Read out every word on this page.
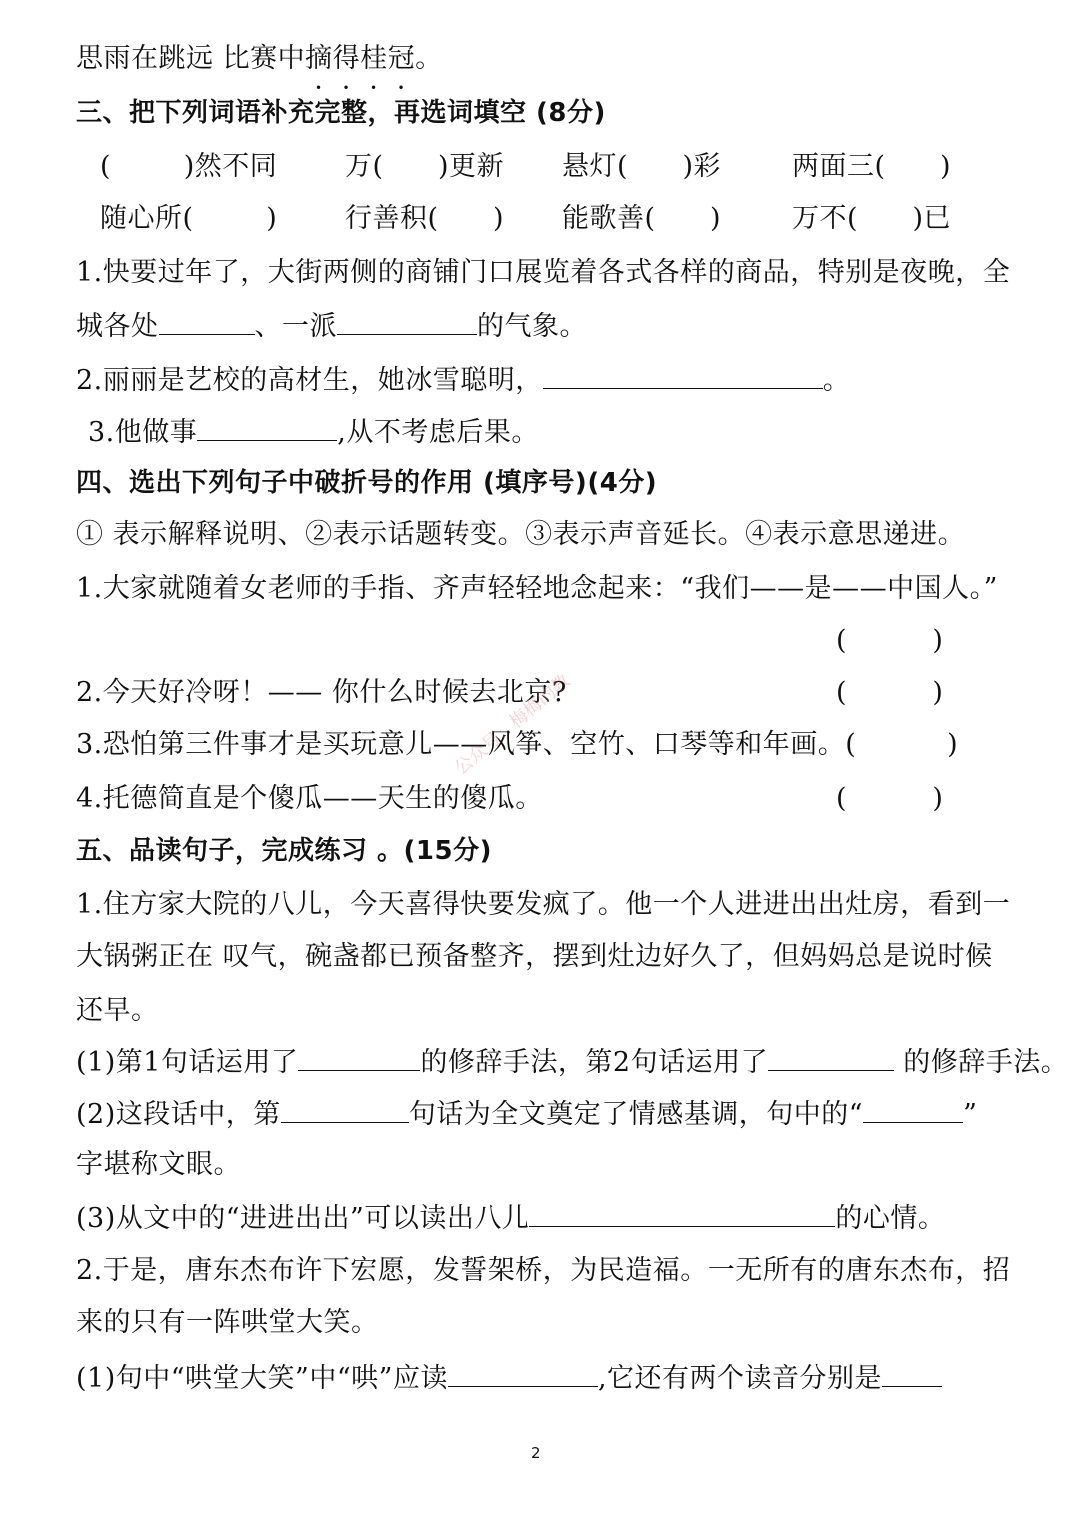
思雨在跳远 比赛中摘得桂冠。
三、把下列词语补充完整，再选词填空 (8分)
(        )然不同	万(      )更新 悬灯(      )彩	两面三(      )
随心所(        )	行善积(      ) 能歌善(      )	万不(      )已
1.快要过年了，大街两侧的商铺门口展览着各式各样的商品，特别是夜晚，全
城各处	、一派	的气象。
2.丽丽是艺校的高材生，她冰雪聪明，	。
3.他做事	,从不考虑后果。
四、选出下列句子中破折号的作用 (填序号)(4分)
① 表示解释说明、②表示话题转变。③表示声音延长。④表示意思递进。
1.大家就随着女老师的手指、齐声轻轻地念起来：“我们——是——中国人。”
(          )
2.今天好冷呀！—— 你什么时候去北京?	(          )
3.恐怕第三件事才是买玩意儿——风筝、空竹、口琴等和年画。(          )
4.托德简直是个傻瓜——天生的傻瓜。	(          )
公众号：梅梅的教
五、品读句子，完成练习 。(15分)
1.住方家大院的八儿，今天喜得快要发疯了。他一个人进进出出灶房，看到一
大锅粥正在 叹气，碗盏都已预备整齐，摆到灶边好久了，但妈妈总是说时候
还早。
(1)第1句话运用了	的修辞手法，第2句话运用了	的修辞手法。
(2)这段话中，第	句话为全文奠定了情感基调，句中的“	”
字堪称文眼。
(3)从文中的“进进出出”可以读出八儿	的心情。
2.于是，唐东杰布许下宏愿，发誓架桥，为民造福。一无所有的唐东杰布，招
来的只有一阵哄堂大笑。
(1)句中“哄堂大笑”中“哄”应读	,它还有两个读音分别是
2
